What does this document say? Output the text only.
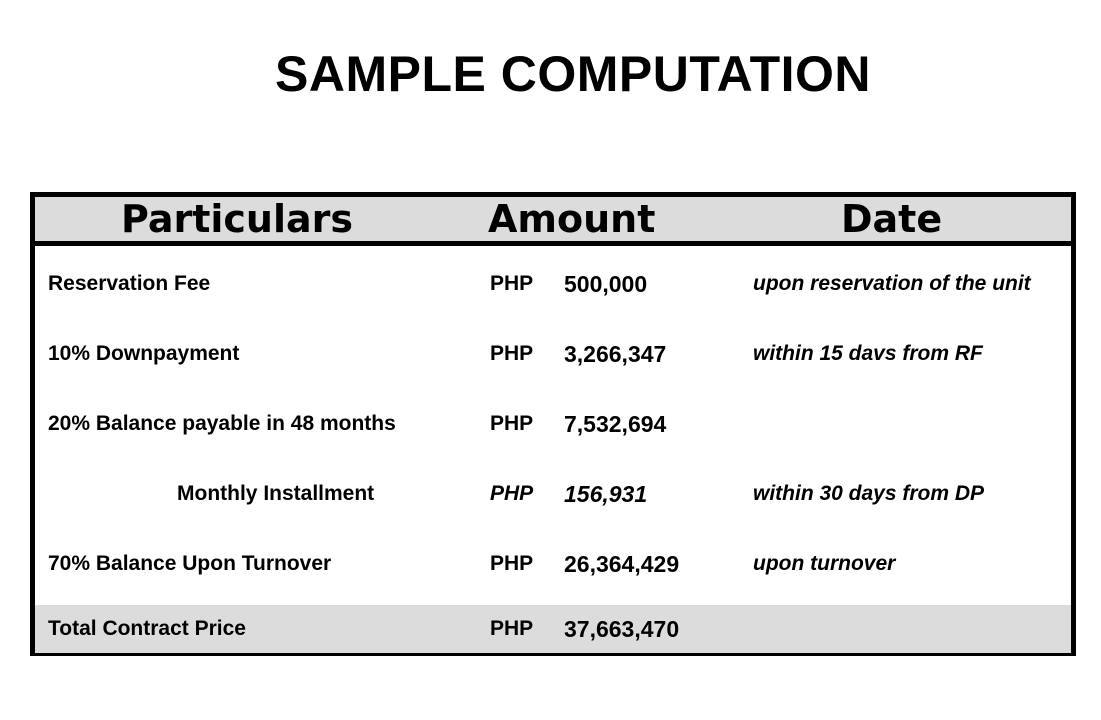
SAMPLE COMPUTATION
Particulars	Amount	Date
Reservation Fee	PHP 500,000	upon reservation of the unit
10% Downpayment	PHP 3,266,347	within 15 davs from RF
20% Balance payable in 48 months	PHP 7,532,694
Monthly Installment	PHP 156,931	within 30 days from DP
70% Balance Upon Turnover	PHP 26,364,429	upon turnover
Total Contract Price	PHP 37,663,470
